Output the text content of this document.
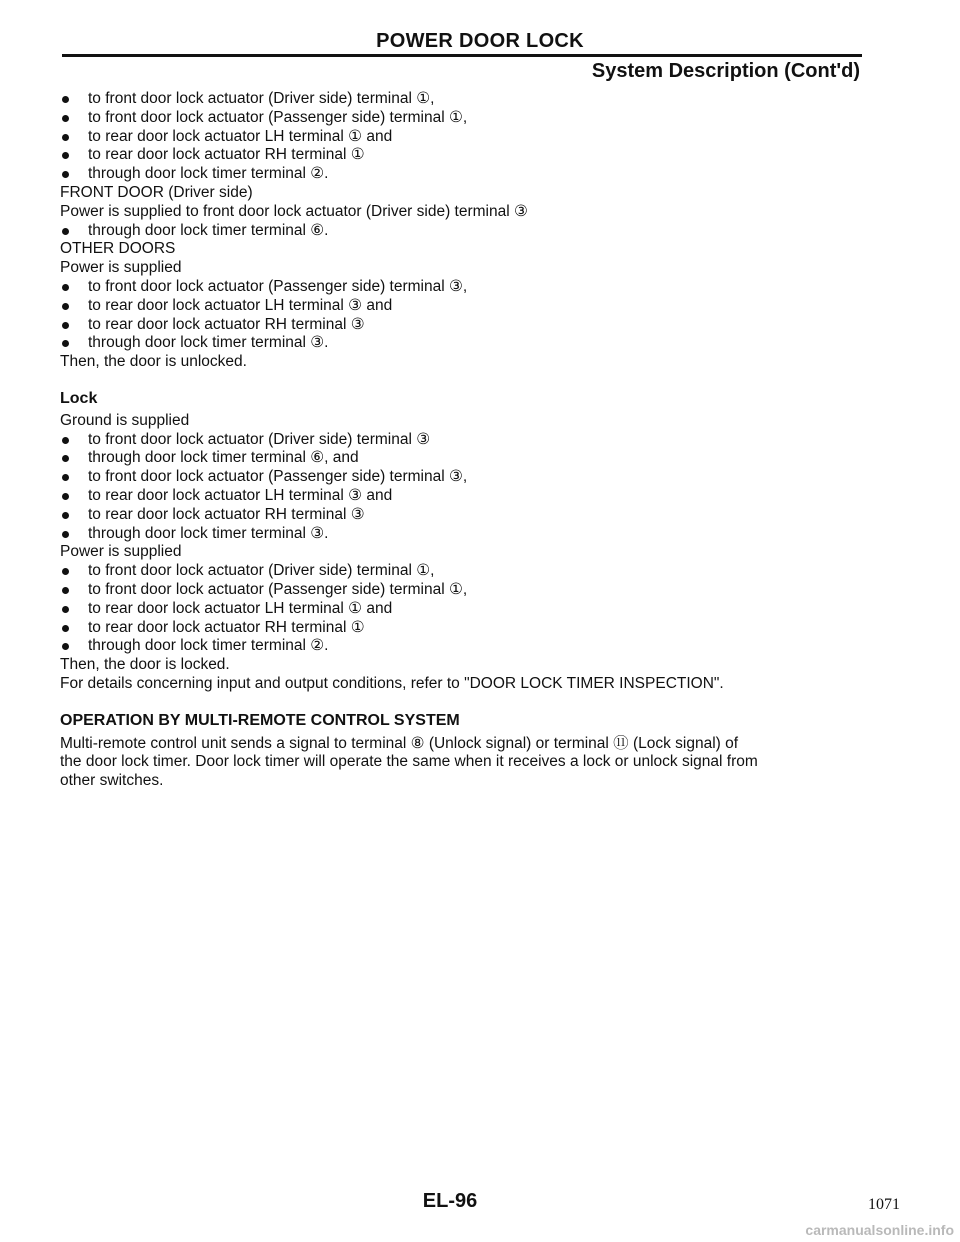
POWER DOOR LOCK
System Description (Cont'd)
to front door lock actuator (Driver side) terminal ①,
to front door lock actuator (Passenger side) terminal ①,
to rear door lock actuator LH terminal ① and
to rear door lock actuator RH terminal ①
through door lock timer terminal ②.
FRONT DOOR (Driver side)
Power is supplied to front door lock actuator (Driver side) terminal ③
through door lock timer terminal ⑥.
OTHER DOORS
Power is supplied
to front door lock actuator (Passenger side) terminal ③,
to rear door lock actuator LH terminal ③ and
to rear door lock actuator RH terminal ③
through door lock timer terminal ③.
Then, the door is unlocked.
Lock
Ground is supplied
to front door lock actuator (Driver side) terminal ③
through door lock timer terminal ⑥, and
to front door lock actuator (Passenger side) terminal ③,
to rear door lock actuator LH terminal ③ and
to rear door lock actuator RH terminal ③
through door lock timer terminal ③.
Power is supplied
to front door lock actuator (Driver side) terminal ①,
to front door lock actuator (Passenger side) terminal ①,
to rear door lock actuator LH terminal ① and
to rear door lock actuator RH terminal ①
through door lock timer terminal ②.
Then, the door is locked.
For details concerning input and output conditions, refer to "DOOR LOCK TIMER INSPECTION".
OPERATION BY MULTI-REMOTE CONTROL SYSTEM
Multi-remote control unit sends a signal to terminal ⑧ (Unlock signal) or terminal ⑪ (Lock signal) of
the door lock timer. Door lock timer will operate the same when it receives a lock or unlock signal from
other switches.
EL-96	1071
carmanualsonline.info
